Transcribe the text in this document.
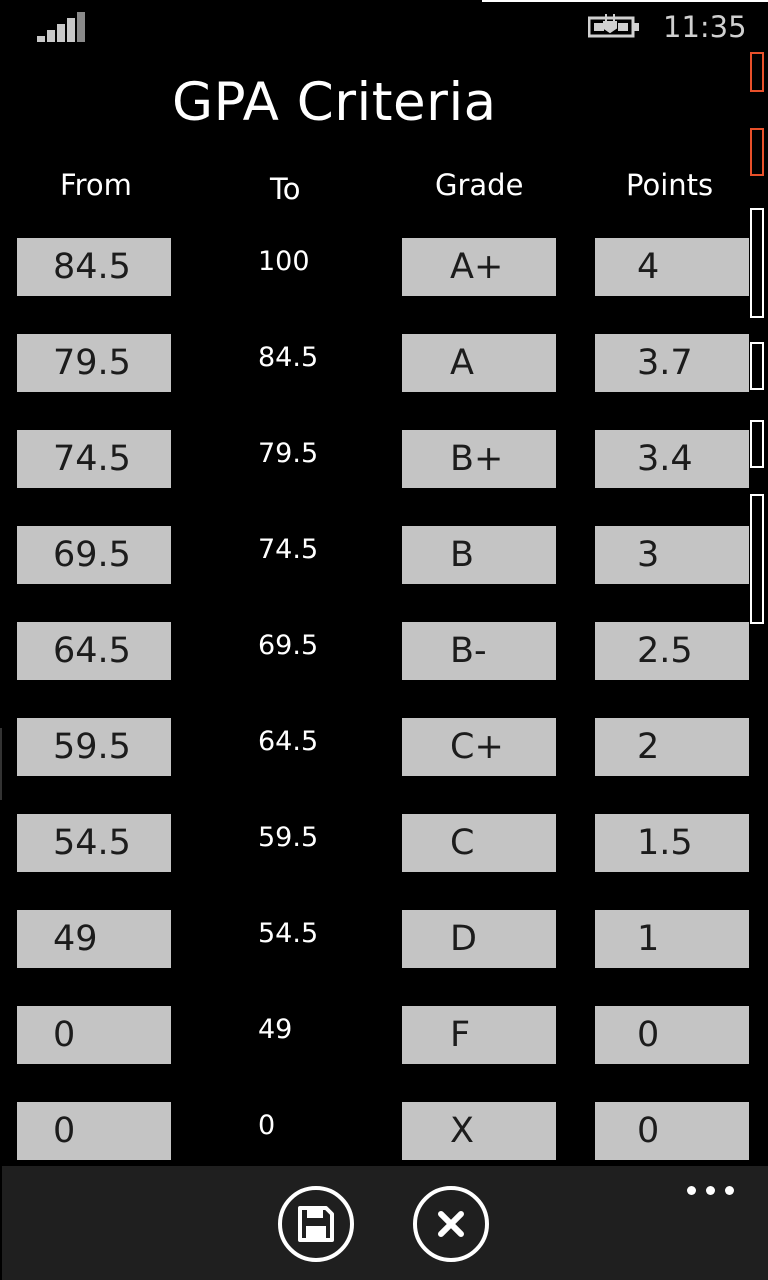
11:35
GPA Criteria
From	To	Grade	Points
84.5	100	A+	4
79.5	84.5	A	3.7
74.5	79.5	B+	3.4
69.5	74.5	B	3
64.5	69.5	B-	2.5
59.5	64.5	C+	2
54.5	59.5	C	1.5
49	54.5	D	1
0	49	F	0
0	0	X	0
